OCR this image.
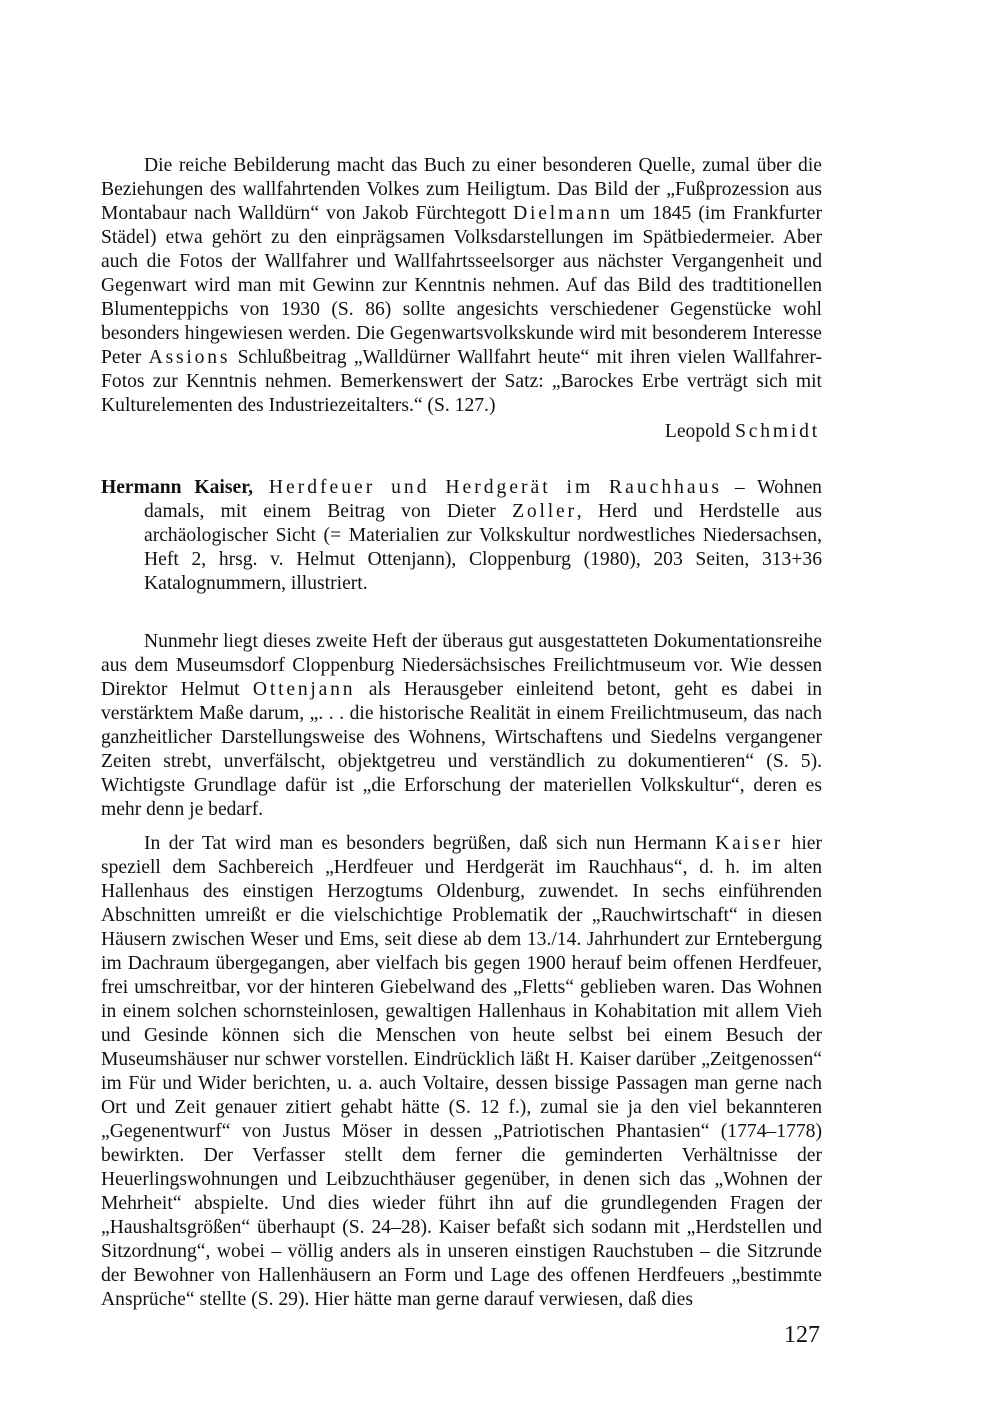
Die reiche Bebilderung macht das Buch zu einer besonderen Quelle, zumal über die Beziehungen des wallfahrtenden Volkes zum Heiligtum. Das Bild der „Fußprozession aus Montabaur nach Walldürn“ von Jakob Fürchtegott Dielmann um 1845 (im Frankfurter Städel) etwa gehört zu den einprägsamen Volksdarstellungen im Spätbiedermeier. Aber auch die Fotos der Wallfahrer und Wallfahrtsseelsorger aus nächster Vergangenheit und Gegenwart wird man mit Gewinn zur Kenntnis nehmen. Auf das Bild des tradtitionellen Blumenteppichs von 1930 (S. 86) sollte angesichts verschiedener Gegenstücke wohl besonders hingewiesen werden. Die Gegenwartsvolkskunde wird mit besonderem Interesse Peter Assions Schlußbeitrag „Walldürner Wallfahrt heute“ mit ihren vielen Wallfahrer-Fotos zur Kenntnis nehmen. Bemerkenswert der Satz: „Barockes Erbe verträgt sich mit Kulturelementen des Industriezeitalters.“ (S. 127.)

Leopold Schmidt

Hermann Kaiser, Herdfeuer und Herdgerät im Rauchhaus – Wohnen damals, mit einem Beitrag von Dieter Zoller, Herd und Herdstelle aus archäologischer Sicht (= Materialien zur Volkskultur nordwestliches Niedersachsen, Heft 2, hrsg. v. Helmut Ottenjann), Cloppenburg (1980), 203 Seiten, 313+36 Katalognummern, illustriert.

Nunmehr liegt dieses zweite Heft der überaus gut ausgestatteten Dokumentationsreihe aus dem Museumsdorf Cloppenburg Niedersächsisches Freilichtmuseum vor. Wie dessen Direktor Helmut Ottenjann als Herausgeber einleitend betont, geht es dabei in verstärktem Maße darum, „. . . die historische Realität in einem Freilichtmuseum, das nach ganzheitlicher Darstellungsweise des Wohnens, Wirtschaftens und Siedelns vergangener Zeiten strebt, unverfälscht, objektgetreu und verständlich zu dokumentieren“ (S. 5). Wichtigste Grundlage dafür ist „die Erforschung der materiellen Volkskultur“, deren es mehr denn je bedarf.

In der Tat wird man es besonders begrüßen, daß sich nun Hermann Kaiser hier speziell dem Sachbereich „Herdfeuer und Herdgerät im Rauchhaus“, d. h. im alten Hallenhaus des einstigen Herzogtums Oldenburg, zuwendet. In sechs einführenden Abschnitten umreißt er die vielschichtige Problematik der „Rauchwirtschaft“ in diesen Häusern zwischen Weser und Ems, seit diese ab dem 13./14. Jahrhundert zur Erntebergung im Dachraum übergegangen, aber vielfach bis gegen 1900 herauf beim offenen Herdfeuer, frei umschreitbar, vor der hinteren Giebelwand des „Fletts“ geblieben waren. Das Wohnen in einem solchen schornsteinlosen, gewaltigen Hallenhaus in Kohabitation mit allem Vieh und Gesinde können sich die Menschen von heute selbst bei einem Besuch der Museumshäuser nur schwer vorstellen. Eindrücklich läßt H. Kaiser darüber „Zeitgenossen“ im Für und Wider berichten, u. a. auch Voltaire, dessen bissige Passagen man gerne nach Ort und Zeit genauer zitiert gehabt hätte (S. 12 f.), zumal sie ja den viel bekannteren „Gegenentwurf“ von Justus Möser in dessen „Patriotischen Phantasien“ (1774–1778) bewirkten. Der Verfasser stellt dem ferner die geminderten Verhältnisse der Heuerlingswohnungen und Leibzuchthäuser gegenüber, in denen sich das „Wohnen der Mehrheit“ abspielte. Und dies wieder führt ihn auf die grundlegenden Fragen der „Haushaltsgrößen“ überhaupt (S. 24–28). Kaiser befaßt sich sodann mit „Herdstellen und Sitzordnung“, wobei – völlig anders als in unseren einstigen Rauchstuben – die Sitzrunde der Bewohner von Hallenhäusern an Form und Lage des offenen Herdfeuers „bestimmte Ansprüche“ stellte (S. 29). Hier hätte man gerne darauf verwiesen, daß dies

127
